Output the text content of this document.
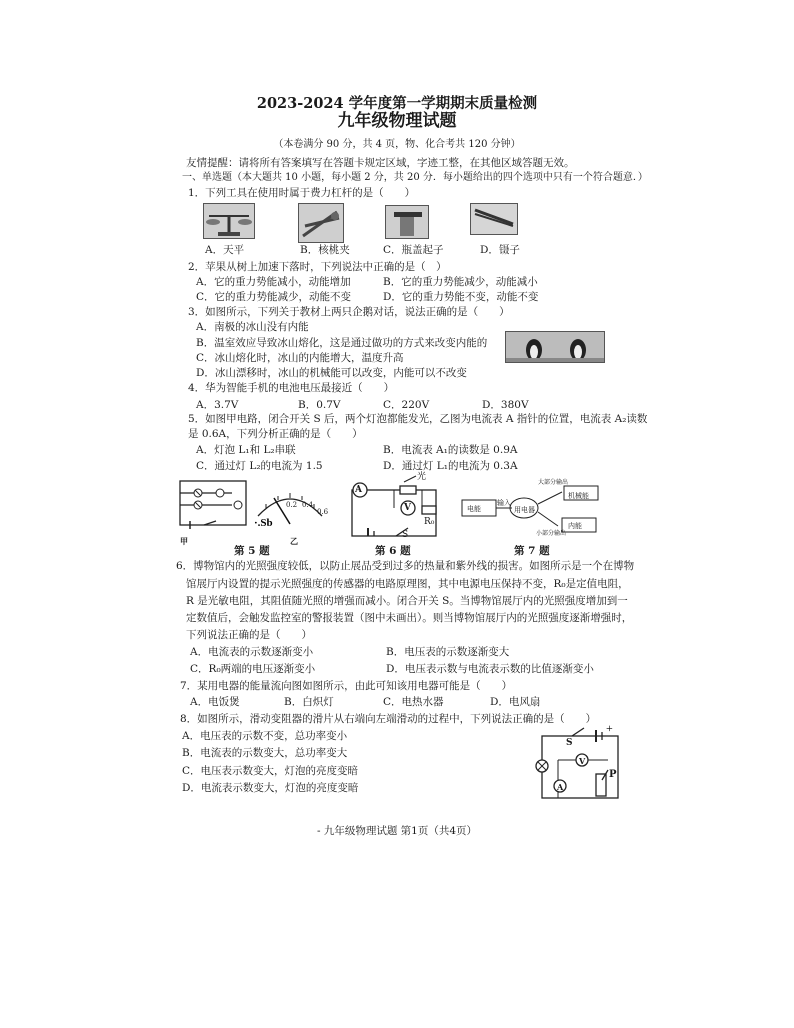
2023-2024 学年度第一学期期末质量检测
九年级物理试题
（本卷满分 90 分，共 4 页，物、化合考共 120 分钟）
友情提醒：请将所有答案填写在答题卡规定区域，字迹工整，在其他区域答题无效。
一、单选题（本大题共 10 小题，每小题 2 分，共 20 分．每小题给出的四个选项中只有一个符合题意．）
1．下列工具在使用时属于费力杠杆的是（　　）
A．天平	B．核桃夹	C．瓶盖起子	D．镊子
2．苹果从树上加速下落时，下列说法中正确的是（　）
A．它的重力势能减小，动能增加	B．它的重力势能减少，动能减小
C．它的重力势能减少，动能不变	D．它的重力势能不变，动能不变
3．如图所示，下列关于教材上两只企鹅对话，说法正确的是（　　）
A．南极的冰山没有内能
B．温室效应导致冰山熔化，这是通过做功的方式来改变内能的
C．冰山熔化时，冰山的内能增大，温度升高
D．冰山漂移时，冰山的机械能可以改变，内能可以不改变
4．华为智能手机的电池电压最接近（　　）
A．3.7V	B．0.7V	C．220V	D．380V
5．如图甲电路，闭合开关 S 后，两个灯泡都能发光，乙图为电流表 A 指针的位置，电流表 A₂读数
是 0.6A，下列分析正确的是（　　）
A．灯泡 L₁和 L₂串联	B．电流表 A₁的读数是 0.9A
C．通过灯 L₂的电流为 1.5	D．通过灯 L₁的电流为 0.3A
甲
·.Sb
0.2 0.4
0.6
乙
第 5 题
A
光
V
R₀
S
第 6 题
电能
输入
用电器
大部分输出
小部分输出
机械能
内能
第 7 题
6．博物馆内的光照强度较低，以防止展品受到过多的热量和紫外线的损害。如图所示是一个在博物
馆展厅内设置的提示光照强度的传感器的电路原理图，其中电源电压保持不变，R₀是定值电阻，
R 是光敏电阻，其阻值随光照的增强而减小。闭合开关 S。当博物馆展厅内的光照强度增加到一
定数值后，会触发监控室的警报装置（图中未画出）。则当博物馆展厅内的光照强度逐渐增强时，
下列说法正确的是（　　）
A．电流表的示数逐渐变小	B．电压表的示数逐渐变大
C．R₀两端的电压逐渐变小	D．电压表示数与电流表示数的比值逐渐变小
7．某用电器的能量流向图如图所示，由此可知该用电器可能是（　　）
A．电饭煲	B．白炽灯	C．电热水器	D．电风扇
8．如图所示，滑动变阻器的滑片从右端向左端滑动的过程中，下列说法正确的是（　　）
A．电压表的示数不变，总功率变小
B．电流表的示数变大，总功率变大
C．电压表示数变大，灯泡的亮度变暗
D．电流表示数变大，灯泡的亮度变暗
+
S
V
A
P
- 九年级物理试题 第1页（共4页）
